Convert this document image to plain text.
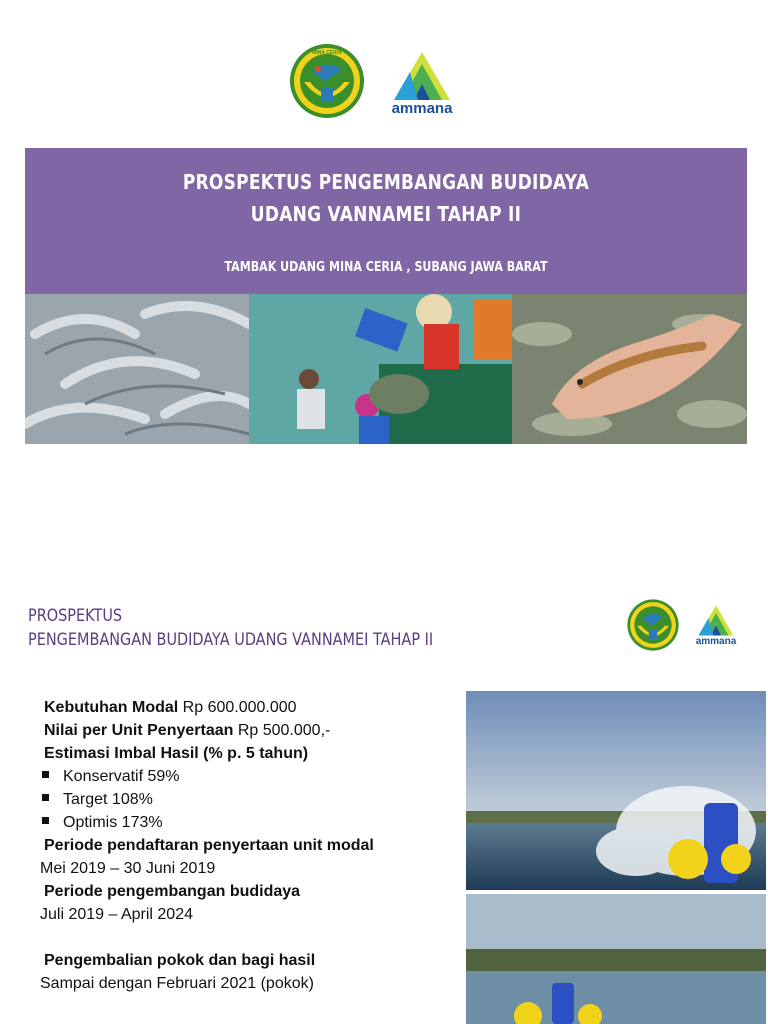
MINA CERIA
ammana
PROSPEKTUS PENGEMBANGAN BUDIDAYA
UDANG VANNAMEI TAHAP II
TAMBAK UDANG MINA CERIA , SUBANG JAWA BARAT
PROSPEKTUS
PENGEMBANGAN BUDIDAYA UDANG VANNAMEI TAHAP II	ammana
Kebutuhan Modal Rp 600.000.000
Nilai per Unit Penyertaan Rp 500.000,-
Estimasi Imbal Hasil (% p. 5 tahun)
Konservatif 59%
Target 108%
Optimis 173%
Periode pendaftaran penyertaan unit modal
Mei 2019 – 30 Juni 2019
Periode pengembangan budidaya
Juli 2019 – April 2024
Pengembalian pokok dan bagi hasil
Sampai dengan Februari 2021 (pokok)
